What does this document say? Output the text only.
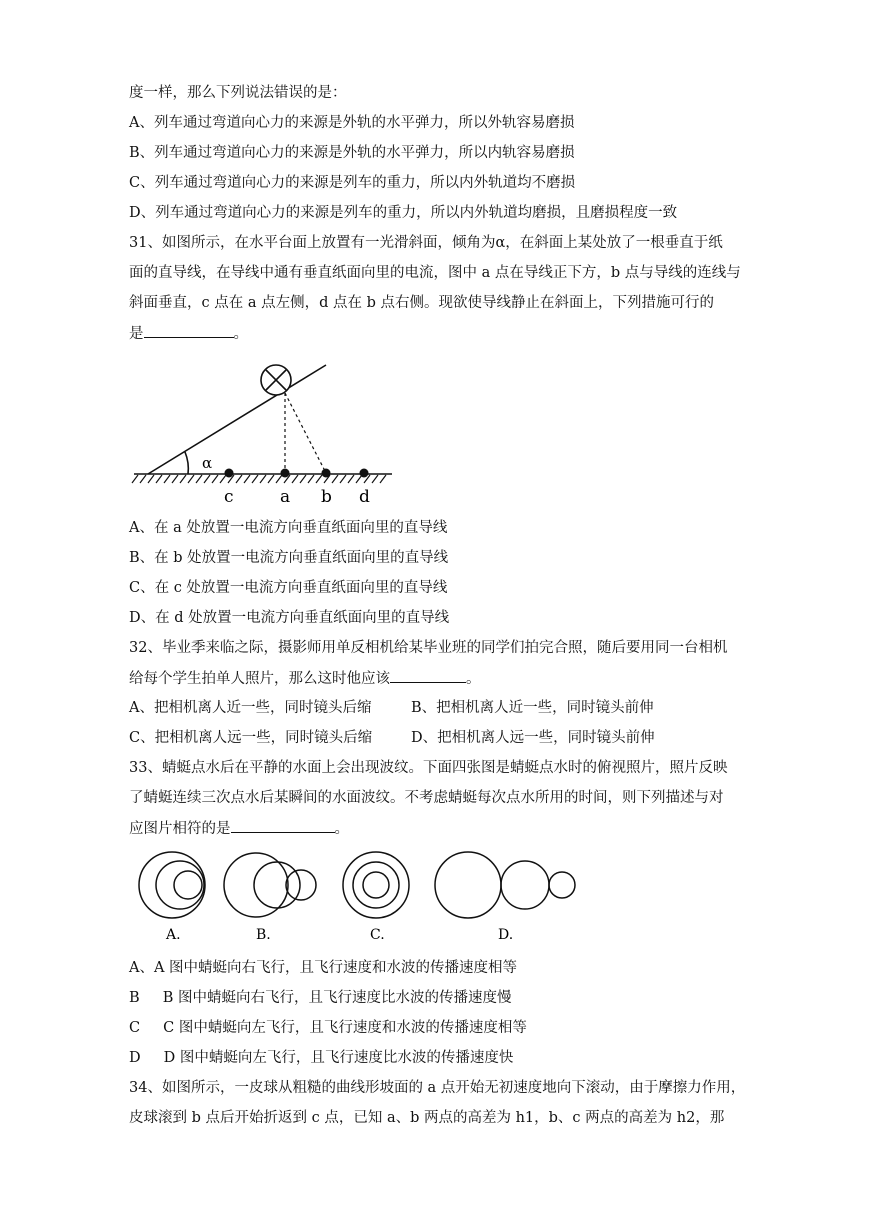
度一样，那么下列说法错误的是：
A、列车通过弯道向心力的来源是外轨的水平弹力，所以外轨容易磨损
B、列车通过弯道向心力的来源是外轨的水平弹力，所以内轨容易磨损
C、列车通过弯道向心力的来源是列车的重力，所以内外轨道均不磨损
D、列车通过弯道向心力的来源是列车的重力，所以内外轨道均磨损，且磨损程度一致
31、如图所示，在水平台面上放置有一光滑斜面，倾角为α，在斜面上某处放了一根垂直于纸
面的直导线，在导线中通有垂直纸面向里的电流，图中 a 点在导线正下方，b 点与导线的连线与
斜面垂直，c 点在 a 点左侧，d 点在 b 点右侧。现欲使导线静止在斜面上，下列措施可行的
是	。
α
c	a b d
A、在 a 处放置一电流方向垂直纸面向里的直导线
B、在 b 处放置一电流方向垂直纸面向里的直导线
C、在 c 处放置一电流方向垂直纸面向里的直导线
D、在 d 处放置一电流方向垂直纸面向里的直导线
32、毕业季来临之际，摄影师用单反相机给某毕业班的同学们拍完合照，随后要用同一台相机
给每个学生拍单人照片，那么这时他应该	。
A、把相机离人近一些，同时镜头后缩	B、把相机离人近一些，同时镜头前伸
C、把相机离人远一些，同时镜头后缩	D、把相机离人远一些，同时镜头前伸
33、蜻蜓点水后在平静的水面上会出现波纹。下面四张图是蜻蜓点水时的俯视照片，照片反映
了蜻蜓连续三次点水后某瞬间的水面波纹。不考虑蜻蜓每次点水所用的时间，则下列描述与对
应图片相符的是	。
A.	B.	C.	D.
A、A 图中蜻蜓向右飞行，且飞行速度和水波的传播速度相等
B     B 图中蜻蜓向右飞行，且飞行速度比水波的传播速度慢
C     C 图中蜻蜓向左飞行，且飞行速度和水波的传播速度相等
D     D 图中蜻蜓向左飞行，且飞行速度比水波的传播速度快
34、如图所示，一皮球从粗糙的曲线形坡面的 a 点开始无初速度地向下滚动，由于摩擦力作用，
皮球滚到 b 点后开始折返到 c 点，已知 a、b 两点的高差为 h1，b、c 两点的高差为 h2，那
